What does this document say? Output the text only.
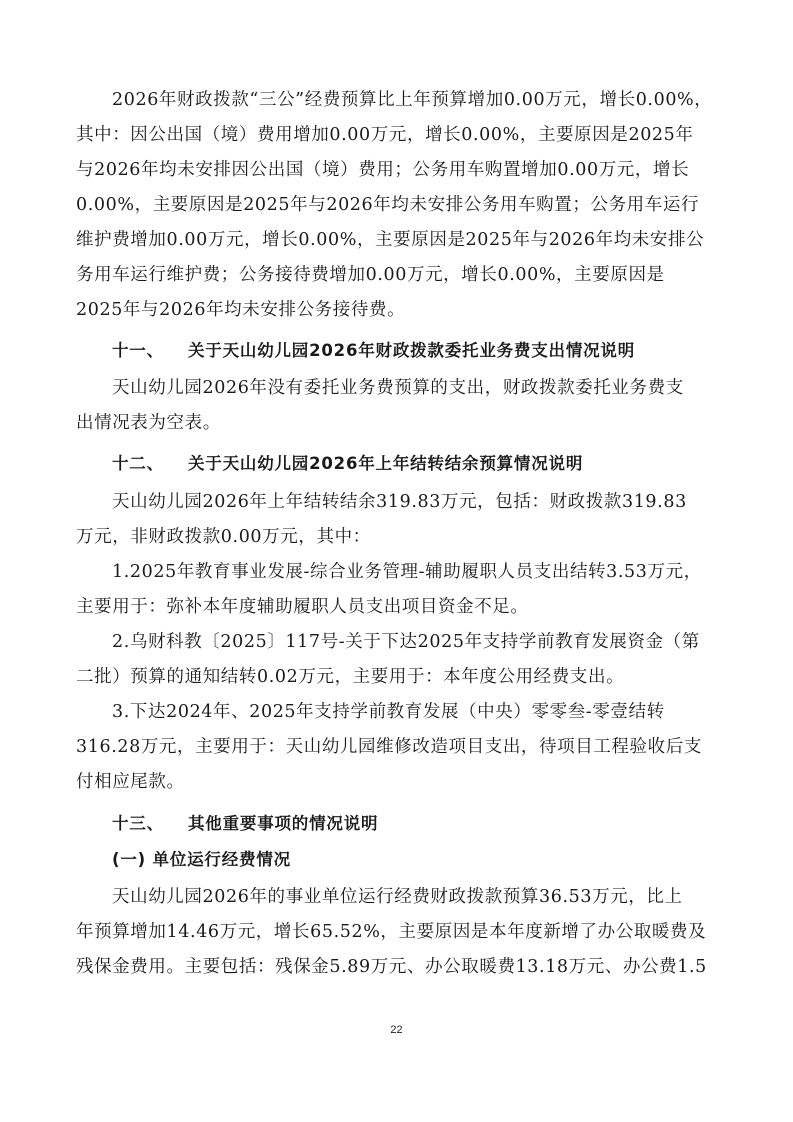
2026年财政拨款“三公”经费预算比上年预算增加0.00万元，增长0.00%，
其中：因公出国（境）费用增加0.00万元，增长0.00%，主要原因是2025年
与2026年均未安排因公出国（境）费用；公务用车购置增加0.00万元，增长
0.00%，主要原因是2025年与2026年均未安排公务用车购置；公务用车运行
维护费增加0.00万元，增长0.00%，主要原因是2025年与2026年均未安排公
务用车运行维护费；公务接待费增加0.00万元，增长0.00%，主要原因是
2025年与2026年均未安排公务接待费。
十一、 关于天山幼儿园2026年财政拨款委托业务费支出情况说明
天山幼儿园2026年没有委托业务费预算的支出，财政拨款委托业务费支
出情况表为空表。
十二、 关于天山幼儿园2026年上年结转结余预算情况说明
天山幼儿园2026年上年结转结余319.83万元，包括：财政拨款319.83
万元，非财政拨款0.00万元，其中：
1.2025年教育事业发展-综合业务管理-辅助履职人员支出结转3.53万元，
主要用于：弥补本年度辅助履职人员支出项目资金不足。
2.乌财科教〔2025〕117号-关于下达2025年支持学前教育发展资金（第
二批）预算的通知结转0.02万元，主要用于：本年度公用经费支出。
3.下达2024年、2025年支持学前教育发展（中央）零零叁-零壹结转
316.28万元，主要用于：天山幼儿园维修改造项目支出，待项目工程验收后支
付相应尾款。
十三、 其他重要事项的情况说明
(一) 单位运行经费情况
天山幼儿园2026年的事业单位运行经费财政拨款预算36.53万元，比上
年预算增加14.46万元，增长65.52%，主要原因是本年度新增了办公取暖费及
残保金费用。主要包括：残保金5.89万元、办公取暖费13.18万元、办公费1.5
22
